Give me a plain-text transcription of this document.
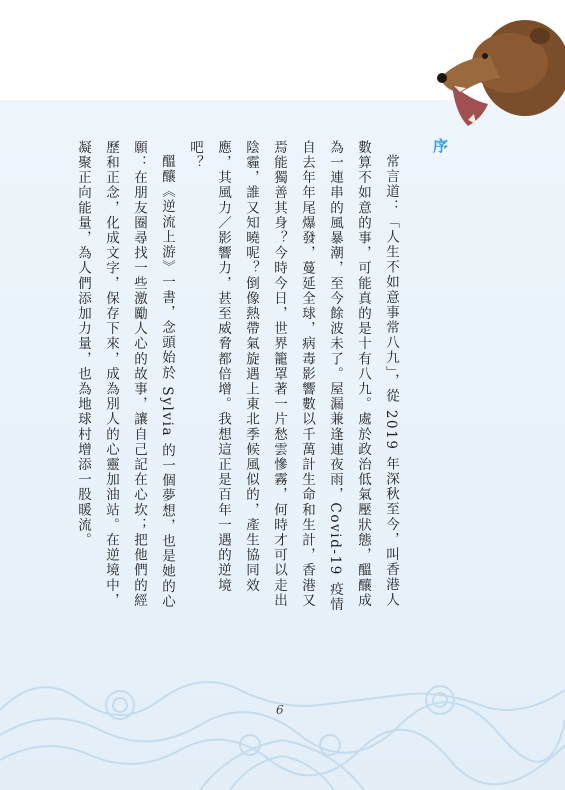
序

常言道：「人生不如意事常八九」，從 2019 年深秋至今，叫香港人數算不如意的事，可能真的是十有八九。處於政治低氣壓狀態，醞釀成為一連串的風暴潮，至今餘波未了。屋漏兼逢連夜雨，Covid-19 疫情自去年年尾爆發，蔓延全球，病毒影響數以千萬計生命和生計，香港又焉能獨善其身？今時今日，世界籠罩著一片愁雲慘霧，何時才可以走出陰霾，誰又知曉呢？倒像熱帶氣旋遇上東北季候風似的，產生協同效應，其風力／影響力，甚至威脅都倍增。我想這正是百年一遇的逆境吧？

醞釀《逆流上游》一書，念頭始於 Sylvia 的一個夢想，也是她的心願：在朋友圈尋找一些激勵人心的故事，讓自己記在心坎；把他們的經歷和正念，化成文字，保存下來，成為別人的心靈加油站。在逆境中，凝聚正向能量，為人們添加力量，也為地球村增添一股暖流。

6
